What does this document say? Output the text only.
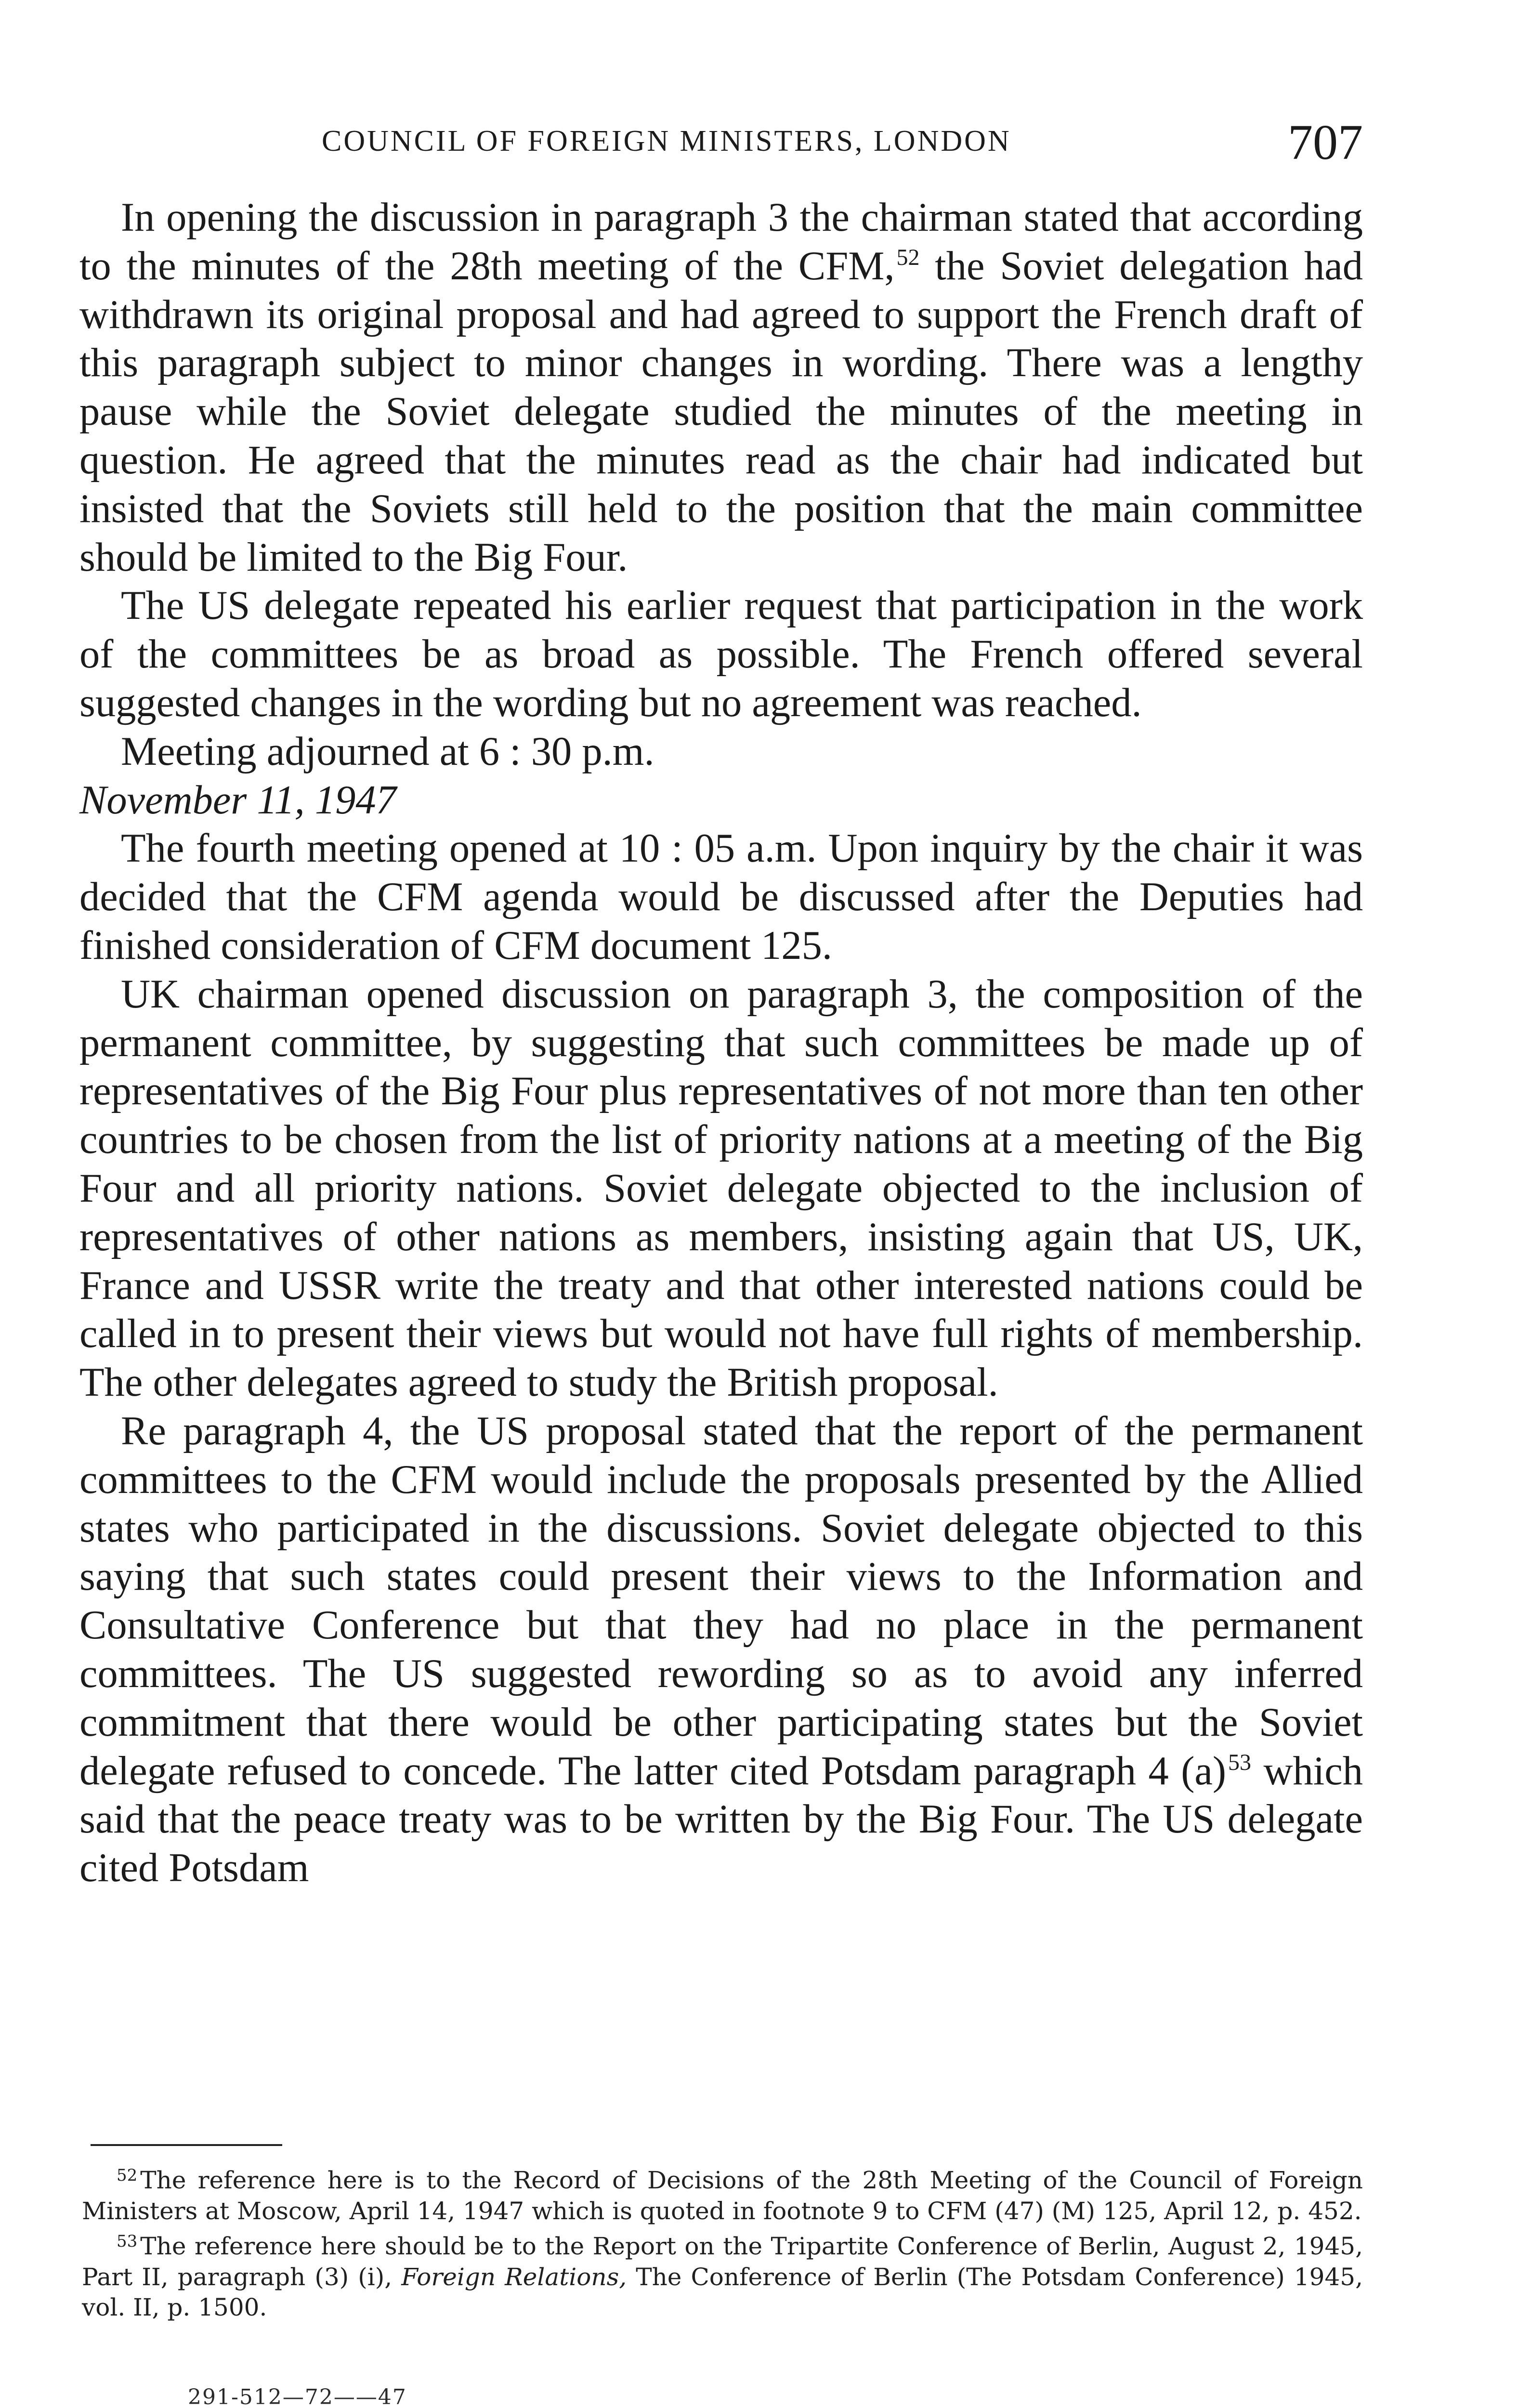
COUNCIL OF FOREIGN MINISTERS, LONDON	707

In opening the discussion in paragraph 3 the chairman stated that according to the minutes of the 28th meeting of the CFM,$^{52}$ the Soviet delegation had withdrawn its original proposal and had agreed to support the French draft of this paragraph subject to minor changes in wording. There was a lengthy pause while the Soviet delegate studied the minutes of the meeting in question. He agreed that the minutes read as the chair had indicated but insisted that the Soviets still held to the position that the main committee should be limited to the Big Four.

The US delegate repeated his earlier request that participation in the work of the committees be as broad as possible. The French offered several suggested changes in the wording but no agreement was reached.

Meeting adjourned at 6 : 30 p.m.

November 11, 1947

The fourth meeting opened at 10 : 05 a.m. Upon inquiry by the chair it was decided that the CFM agenda would be discussed after the Deputies had finished consideration of CFM document 125.

UK chairman opened discussion on paragraph 3, the composition of the permanent committee, by suggesting that such committees be made up of representatives of the Big Four plus representatives of not more than ten other countries to be chosen from the list of priority nations at a meeting of the Big Four and all priority nations. Soviet delegate objected to the inclusion of representatives of other nations as members, insisting again that US, UK, France and USSR write the treaty and that other interested nations could be called in to present their views but would not have full rights of membership. The other delegates agreed to study the British proposal.

Re paragraph 4, the US proposal stated that the report of the permanent committees to the CFM would include the proposals presented by the Allied states who participated in the discussions. Soviet delegate objected to this saying that such states could present their views to the Information and Consultative Conference but that they had no place in the permanent committees. The US suggested rewording so as to avoid any inferred commitment that there would be other participating states but the Soviet delegate refused to concede. The latter cited Potsdam paragraph 4 (a)$^{53}$ which said that the peace treaty was to be written by the Big Four. The US delegate cited Potsdam

$^{52}$ The reference here is to the Record of Decisions of the 28th Meeting of the Council of Foreign Ministers at Moscow, April 14, 1947 which is quoted in footnote 9 to CFM (47) (M) 125, April 12, p. 452.

$^{53}$ The reference here should be to the Report on the Tripartite Conference of Berlin, August 2, 1945, Part II, paragraph (3) (i), Foreign Relations, The Conference of Berlin (The Potsdam Conference) 1945, vol. II, p. 1500.

291-512—72——47
